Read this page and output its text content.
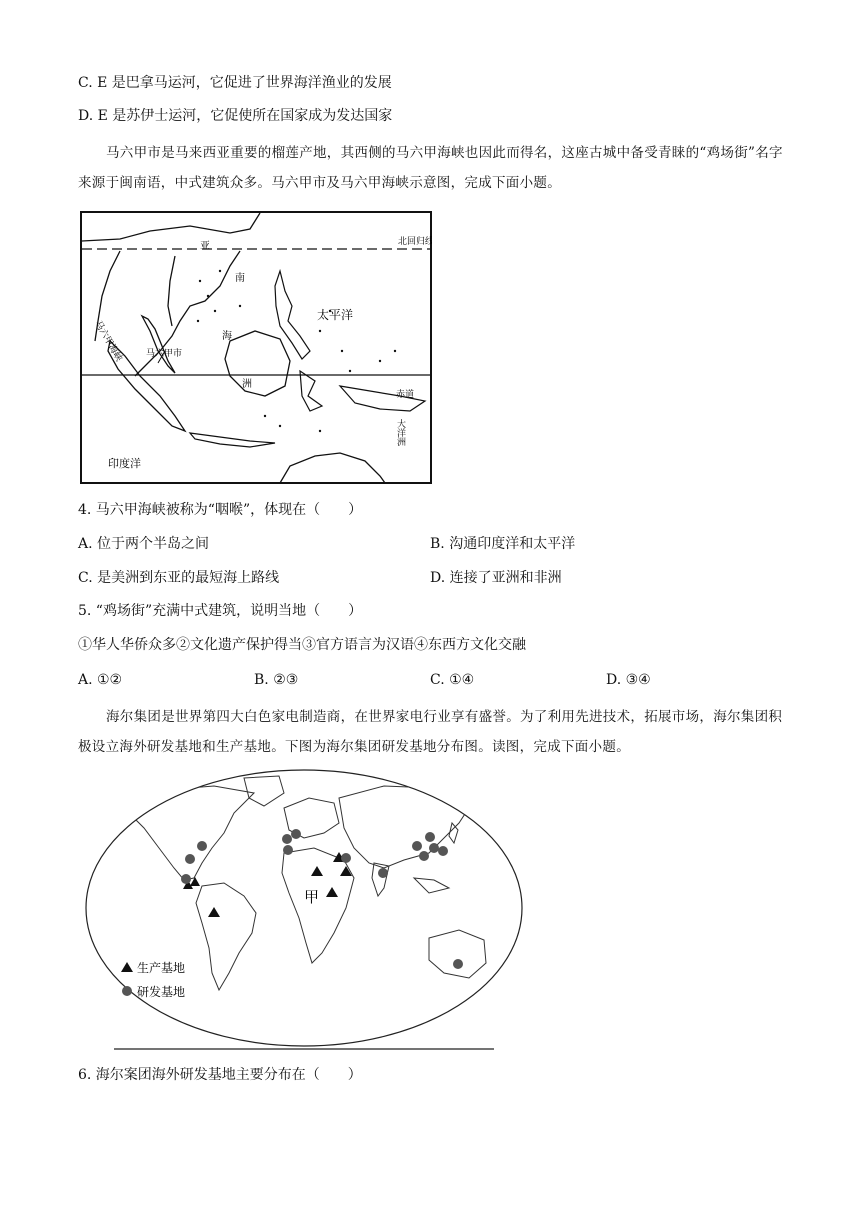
C. E 是巴拿马运河，它促进了世界海洋渔业的发展
D. E 是苏伊士运河，它促使所在国家成为发达国家
马六甲市是马来西亚重要的榴莲产地，其西侧的马六甲海峡也因此而得名，这座古城中备受青睐的“鸡场街”名字来源于闽南语，中式建筑众多。马六甲市及马六甲海峡示意图，完成下面小题。
北回归线
南
海
太平洋
马六甲市
马六甲海峡
赤道
印度洋
大洋洲
亚
洲
4. 马六甲海峡被称为“咽喉”，体现在（　　）
A. 位于两个半岛之间	B. 沟通印度洋和太平洋
C. 是美洲到东亚的最短海上路线	D. 连接了亚洲和非洲
5. “鸡场街”充满中式建筑，说明当地（　　）
①华人华侨众多②文化遗产保护得当③官方语言为汉语④东西方文化交融
A. ①②	B. ②③	C. ①④	D. ③④
海尔集团是世界第四大白色家电制造商，在世界家电行业享有盛誉。为了利用先进技术，拓展市场，海尔集团积极设立海外研发基地和生产基地。下图为海尔集团研发基地分布图。读图，完成下面小题。
甲
生产基地
研发基地
6. 海尔案团海外研发基地主要分布在（　　）
